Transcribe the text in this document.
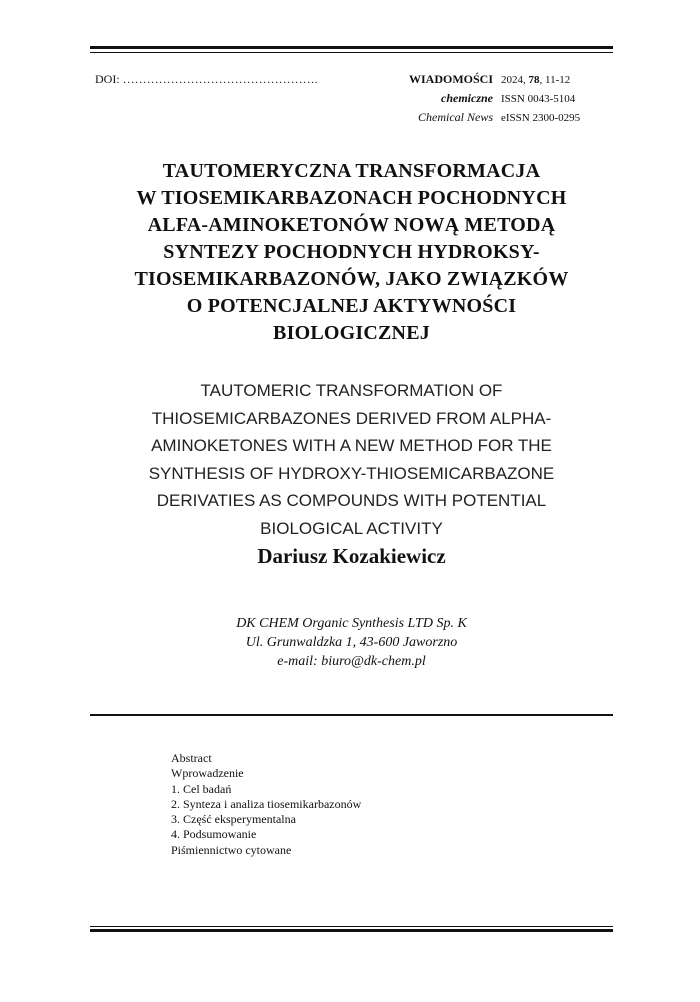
DOI: ………………………………………….	WIADOMOŚCI 2024, 78, 11-12
chemiczne ISSN 0043-5104
Chemical News eISSN 2300-0295
TAUTOMERYCZNA TRANSFORMACJA
W TIOSEMIKARBAZONACH POCHODNYCH
ALFA-AMINOKETONÓW NOWĄ METODĄ
SYNTEZY POCHODNYCH HYDROKSY-
TIOSEMIKARBAZONÓW, JAKO ZWIĄZKÓW
O POTENCJALNEJ AKTYWNOŚCI
BIOLOGICZNEJ
TAUTOMERIC TRANSFORMATION OF
THIOSEMICARBAZONES DERIVED FROM ALPHA-
AMINOKETONES WITH A NEW METHOD FOR THE
SYNTHESIS OF HYDROXY-THIOSEMICARBAZONE
DERIVATIES AS COMPOUNDS WITH POTENTIAL
BIOLOGICAL ACTIVITY
Dariusz Kozakiewicz
DK CHEM Organic Synthesis LTD Sp. K
Ul. Grunwaldzka 1, 43-600 Jaworzno
e-mail: biuro@dk-chem.pl
Abstract
Wprowadzenie
1. Cel badań
2. Synteza i analiza tiosemikarbazonów
3. Część eksperymentalna
4. Podsumowanie
Piśmiennictwo cytowane
